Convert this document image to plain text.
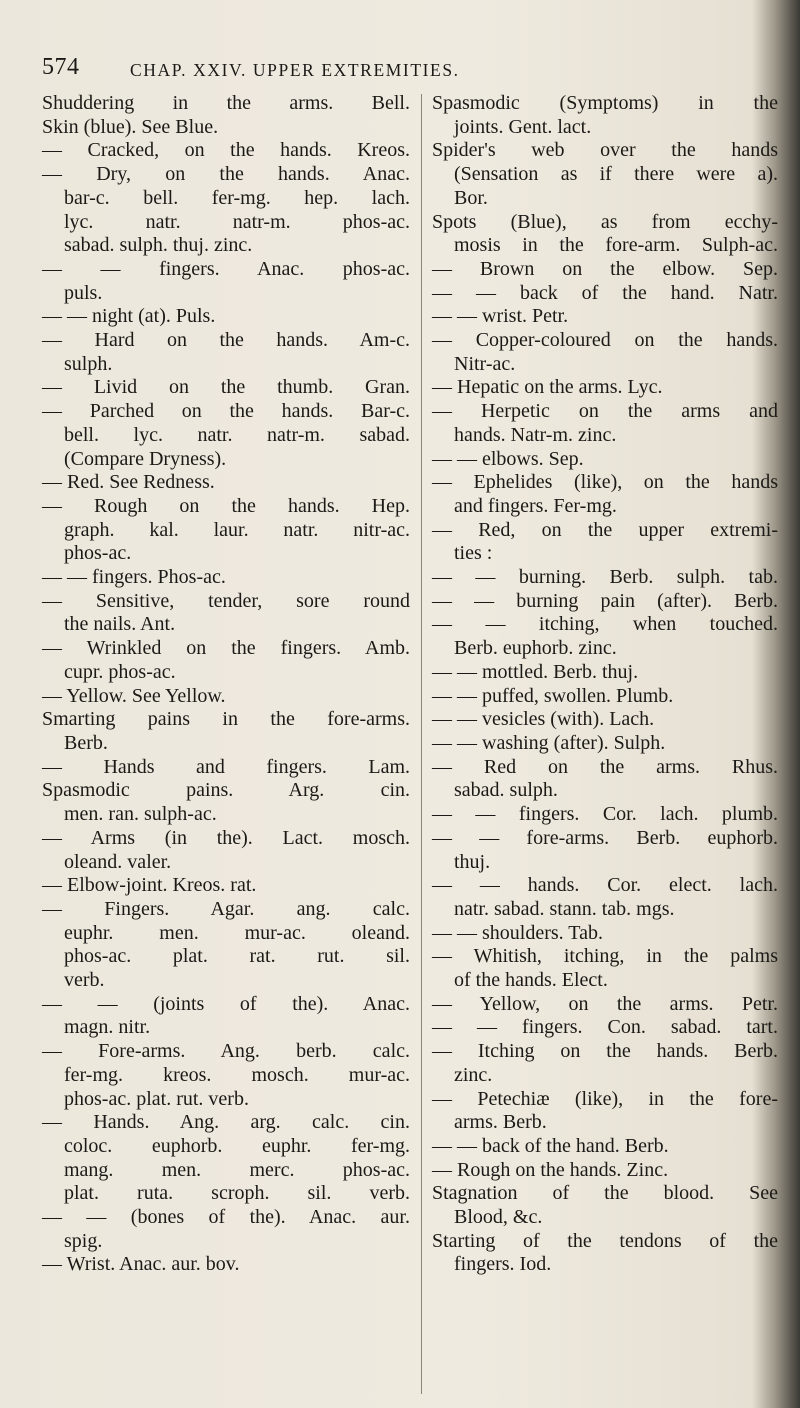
574	CHAP. XXIV. UPPER EXTREMITIES.
Shuddering in the arms. Bell.
Skin (blue). See Blue.
— Cracked, on the hands. Kreos.
— Dry, on the hands. Anac.
bar-c. bell. fer-mg. hep. lach.
lyc. natr. natr-m. phos-ac.
sabad. sulph. thuj. zinc.
— — fingers. Anac. phos-ac.
puls.
— — night (at). Puls.
— Hard on the hands. Am-c.
sulph.
— Livid on the thumb. Gran.
— Parched on the hands. Bar-c.
bell. lyc. natr. natr-m. sabad.
(Compare Dryness).
— Red. See Redness.
— Rough on the hands. Hep.
graph. kal. laur. natr. nitr-ac.
phos-ac.
— — fingers. Phos-ac.
— Sensitive, tender, sore round
the nails. Ant.
— Wrinkled on the fingers. Amb.
cupr. phos-ac.
— Yellow. See Yellow.
Smarting pains in the fore-arms.
Berb.
— Hands and fingers. Lam.
Spasmodic pains. Arg. cin.
men. ran. sulph-ac.
— Arms (in the). Lact. mosch.
oleand. valer.
— Elbow-joint. Kreos. rat.
— Fingers. Agar. ang. calc.
euphr. men. mur-ac. oleand.
phos-ac. plat. rat. rut. sil.
verb.
— — (joints of the). Anac.
magn. nitr.
— Fore-arms. Ang. berb. calc.
fer-mg. kreos. mosch. mur-ac.
phos-ac. plat. rut. verb.
— Hands. Ang. arg. calc. cin.
coloc. euphorb. euphr. fer-mg.
mang. men. merc. phos-ac.
plat. ruta. scroph. sil. verb.
— — (bones of the). Anac. aur.
spig.
— Wrist. Anac. aur. bov.
Spasmodic (Symptoms) in the
joints. Gent. lact.
Spider's web over the hands
(Sensation as if there were a).
Bor.
Spots (Blue), as from ecchy-
mosis in the fore-arm. Sulph-ac.
— Brown on the elbow. Sep.
— — back of the hand. Natr.
— — wrist. Petr.
— Copper-coloured on the hands.
Nitr-ac.
— Hepatic on the arms. Lyc.
— Herpetic on the arms and
hands. Natr-m. zinc.
— — elbows. Sep.
— Ephelides (like), on the hands
and fingers. Fer-mg.
— Red, on the upper extremi-
ties :
— — burning. Berb. sulph. tab.
— — burning pain (after). Berb.
— — itching, when touched.
Berb. euphorb. zinc.
— — mottled. Berb. thuj.
— — puffed, swollen. Plumb.
— — vesicles (with). Lach.
— — washing (after). Sulph.
— Red on the arms. Rhus.
sabad. sulph.
— — fingers. Cor. lach. plumb.
— — fore-arms. Berb. euphorb.
thuj.
— — hands. Cor. elect. lach.
natr. sabad. stann. tab. mgs.
— — shoulders. Tab.
— Whitish, itching, in the palms
of the hands. Elect.
— Yellow, on the arms. Petr.
— — fingers. Con. sabad. tart.
— Itching on the hands. Berb.
zinc.
— Petechiæ (like), in the fore-
arms. Berb.
— — back of the hand. Berb.
— Rough on the hands. Zinc.
Stagnation of the blood. See
Blood, &c.
Starting of the tendons of the
fingers. Iod.
